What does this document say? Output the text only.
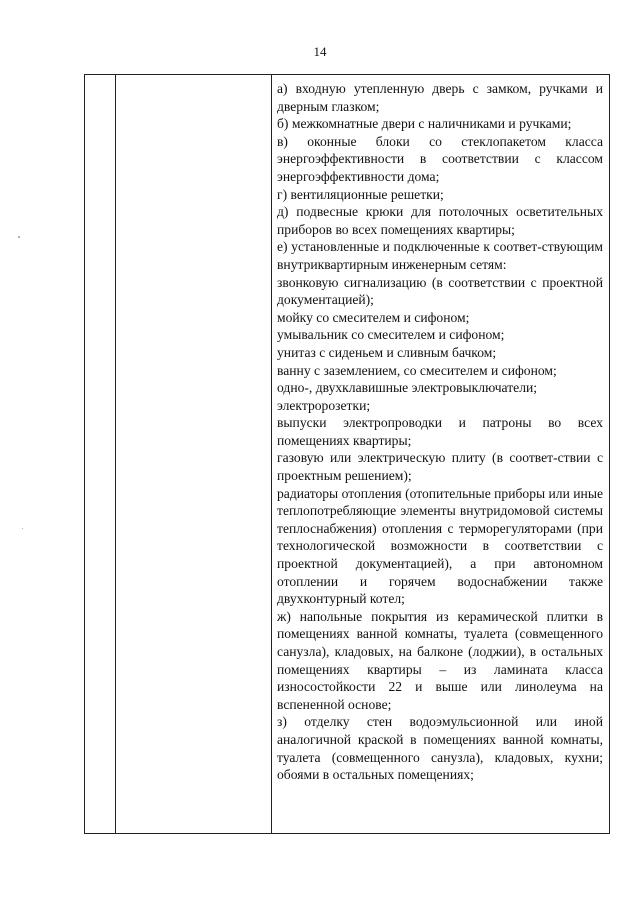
14

а) входную утепленную дверь с замком, ручками и дверным глазком;

б) межкомнатные двери с наличниками и ручками;

в) оконные блоки со стеклопакетом класса энергоэффективности в соответствии с классом энергоэффективности дома;

г) вентиляционные решетки;

д) подвесные крюки для потолочных осветительных приборов во всех помещениях квартиры;

е) установленные и подключенные к соответ-ствующим внутриквартирным инженерным сетям:

звонковую сигнализацию (в соответствии с проектной документацией);

мойку со смесителем и сифоном;

умывальник со смесителем и сифоном;

унитаз с сиденьем и сливным бачком;

ванну с заземлением, со смесителем и сифоном;

одно-, двухклавишные электровыключатели;

электророзетки;

выпуски электропроводки и патроны во всех помещениях квартиры;

газовую или электрическую плиту (в соответ-ствии с проектным решением);

радиаторы отопления (отопительные приборы или иные теплопотребляющие элементы внутридомовой системы теплоснабжения) отопления с терморегуляторами (при технологической возможности в соответствии с проектной документацией), а при автономном отоплении и горячем водоснабжении также двухконтурный котел;

ж) напольные покрытия из керамической плитки в помещениях ванной комнаты, туалета (совмещенного санузла), кладовых, на балконе (лоджии), в остальных помещениях квартиры – из ламината класса износостойкости 22 и выше или линолеума на вспененной основе;

з) отделку стен водоэмульсионной или иной аналогичной краской в помещениях ванной комнаты, туалета (совмещенного санузла), кладовых, кухни; обоями в остальных помещениях;
